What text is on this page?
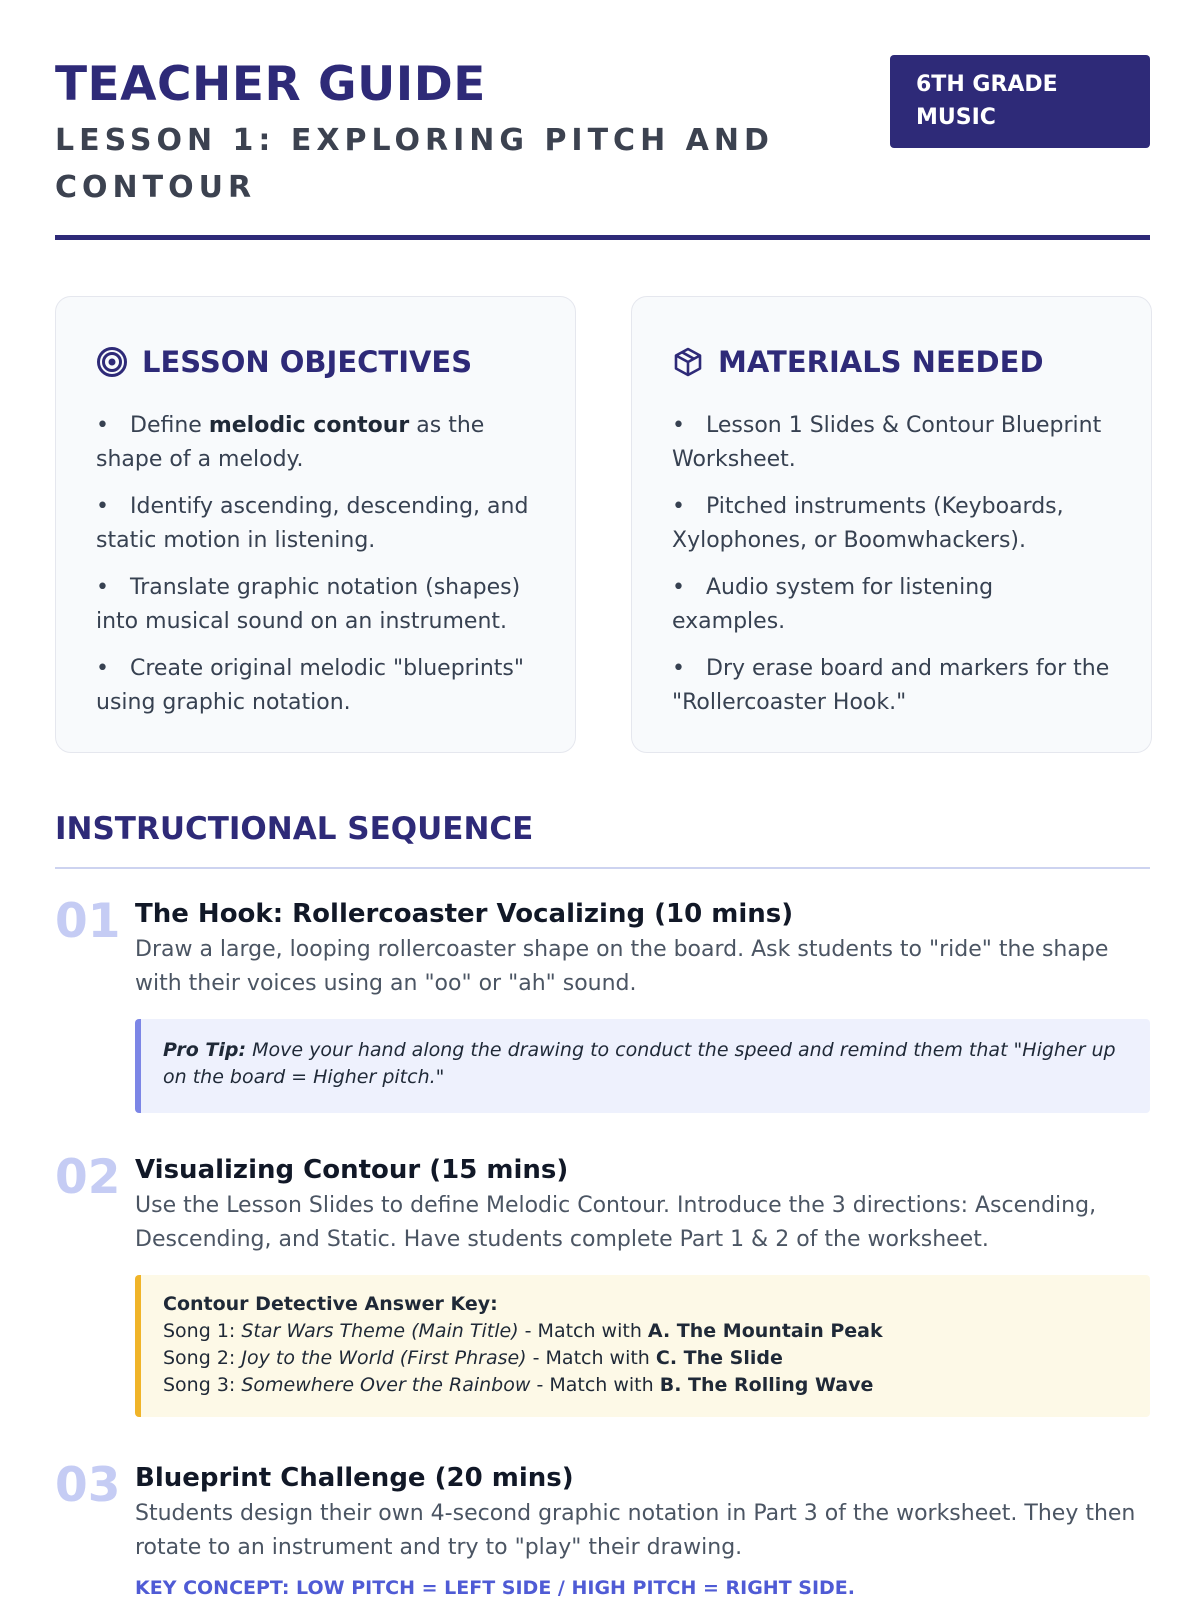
TEACHER GUIDE
LESSON 1: EXPLORING PITCH AND CONTOUR
6TH GRADE MUSIC
LESSON OBJECTIVES
• Define melodic contour as the shape of a melody.
• Identify ascending, descending, and static motion in listening.
• Translate graphic notation (shapes) into musical sound on an instrument.
• Create original melodic "blueprints" using graphic notation.
MATERIALS NEEDED
• Lesson 1 Slides & Contour Blueprint Worksheet.
• Pitched instruments (Keyboards, Xylophones, or Boomwhackers).
• Audio system for listening examples.
• Dry erase board and markers for the "Rollercoaster Hook."
INSTRUCTIONAL SEQUENCE
01 The Hook: Rollercoaster Vocalizing (10 mins)
Draw a large, looping rollercoaster shape on the board. Ask students to "ride" the shape with their voices using an "oo" or "ah" sound.
Pro Tip: Move your hand along the drawing to conduct the speed and remind them that "Higher up on the board = Higher pitch."
02 Visualizing Contour (15 mins)
Use the Lesson Slides to define Melodic Contour. Introduce the 3 directions: Ascending, Descending, and Static. Have students complete Part 1 & 2 of the worksheet.
Contour Detective Answer Key:
Song 1: Star Wars Theme (Main Title) - Match with A. The Mountain Peak
Song 2: Joy to the World (First Phrase) - Match with C. The Slide
Song 3: Somewhere Over the Rainbow - Match with B. The Rolling Wave
03 Blueprint Challenge (20 mins)
Students design their own 4-second graphic notation in Part 3 of the worksheet. They then rotate to an instrument and try to "play" their drawing.
KEY CONCEPT: LOW PITCH = LEFT SIDE / HIGH PITCH = RIGHT SIDE.
